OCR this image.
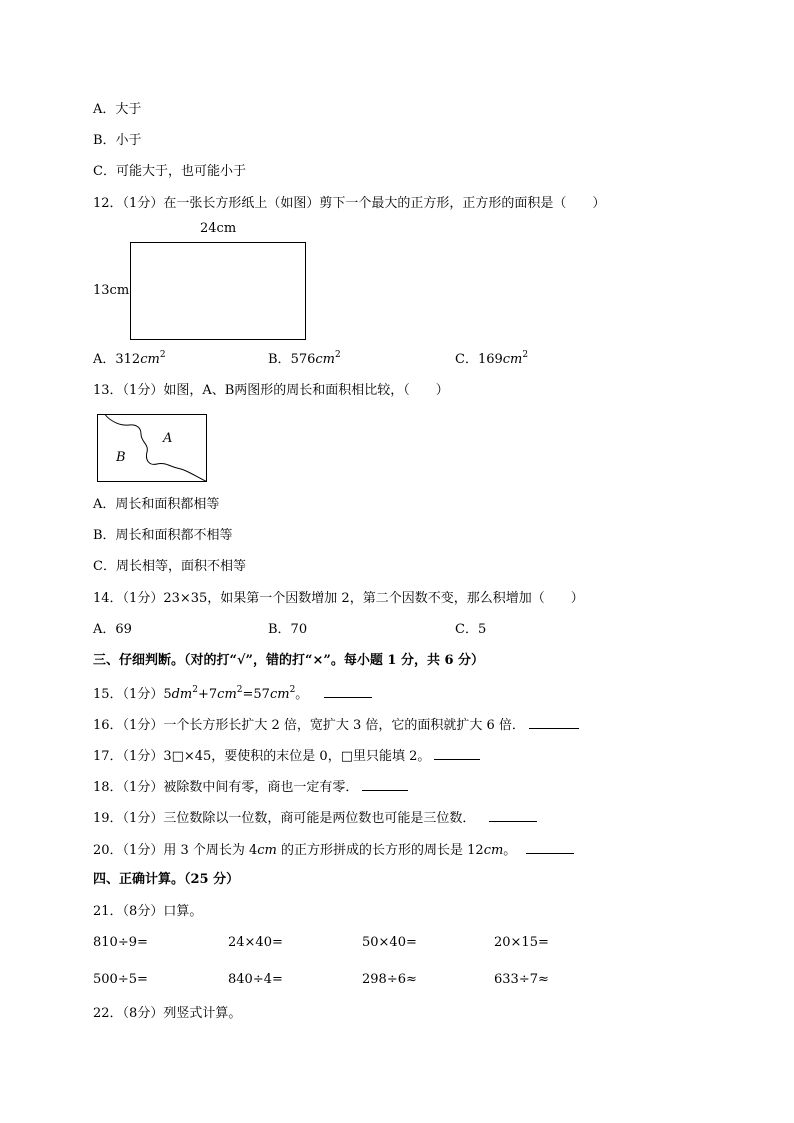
A．大于
B．小于
C．可能大于，也可能小于
12．（1分）在一张长方形纸上（如图）剪下一个最大的正方形，正方形的面积是（　　）
24cm
13cm
A．$312cm^2$	B．$576cm^2$	C．$169cm^2$
13．（1分）如图，A、B两图形的周长和面积相比较，（　　）
A
B
A．周长和面积都相等
B．周长和面积都不相等
C．周长相等，面积不相等
14．（1分）23×35，如果第一个因数增加 2，第二个因数不变，那么积增加（　　）
A．69	B．70	C．5
三、仔细判断。（对的打“√”，错的打“×”。每小题 1 分，共 6 分）
15．（1分）$5dm^2+7cm^2=57cm^2$。
16．（1分）一个长方形长扩大 2 倍，宽扩大 3 倍，它的面积就扩大 6 倍．
17．（1分）3□×45，要使积的末位是 0，□里只能填 2。
18．（1分）被除数中间有零，商也一定有零．
19．（1分）三位数除以一位数，商可能是两位数也可能是三位数．
20．（1分）用 3 个周长为 4cm 的正方形拼成的长方形的周长是 12cm。
四、正确计算。（25 分）
21．（8分）口算。
810÷9=	24×40=	50×40=	20×15=
500÷5=	840÷4=	298÷6≈	633÷7≈
22．（8分）列竖式计算。
